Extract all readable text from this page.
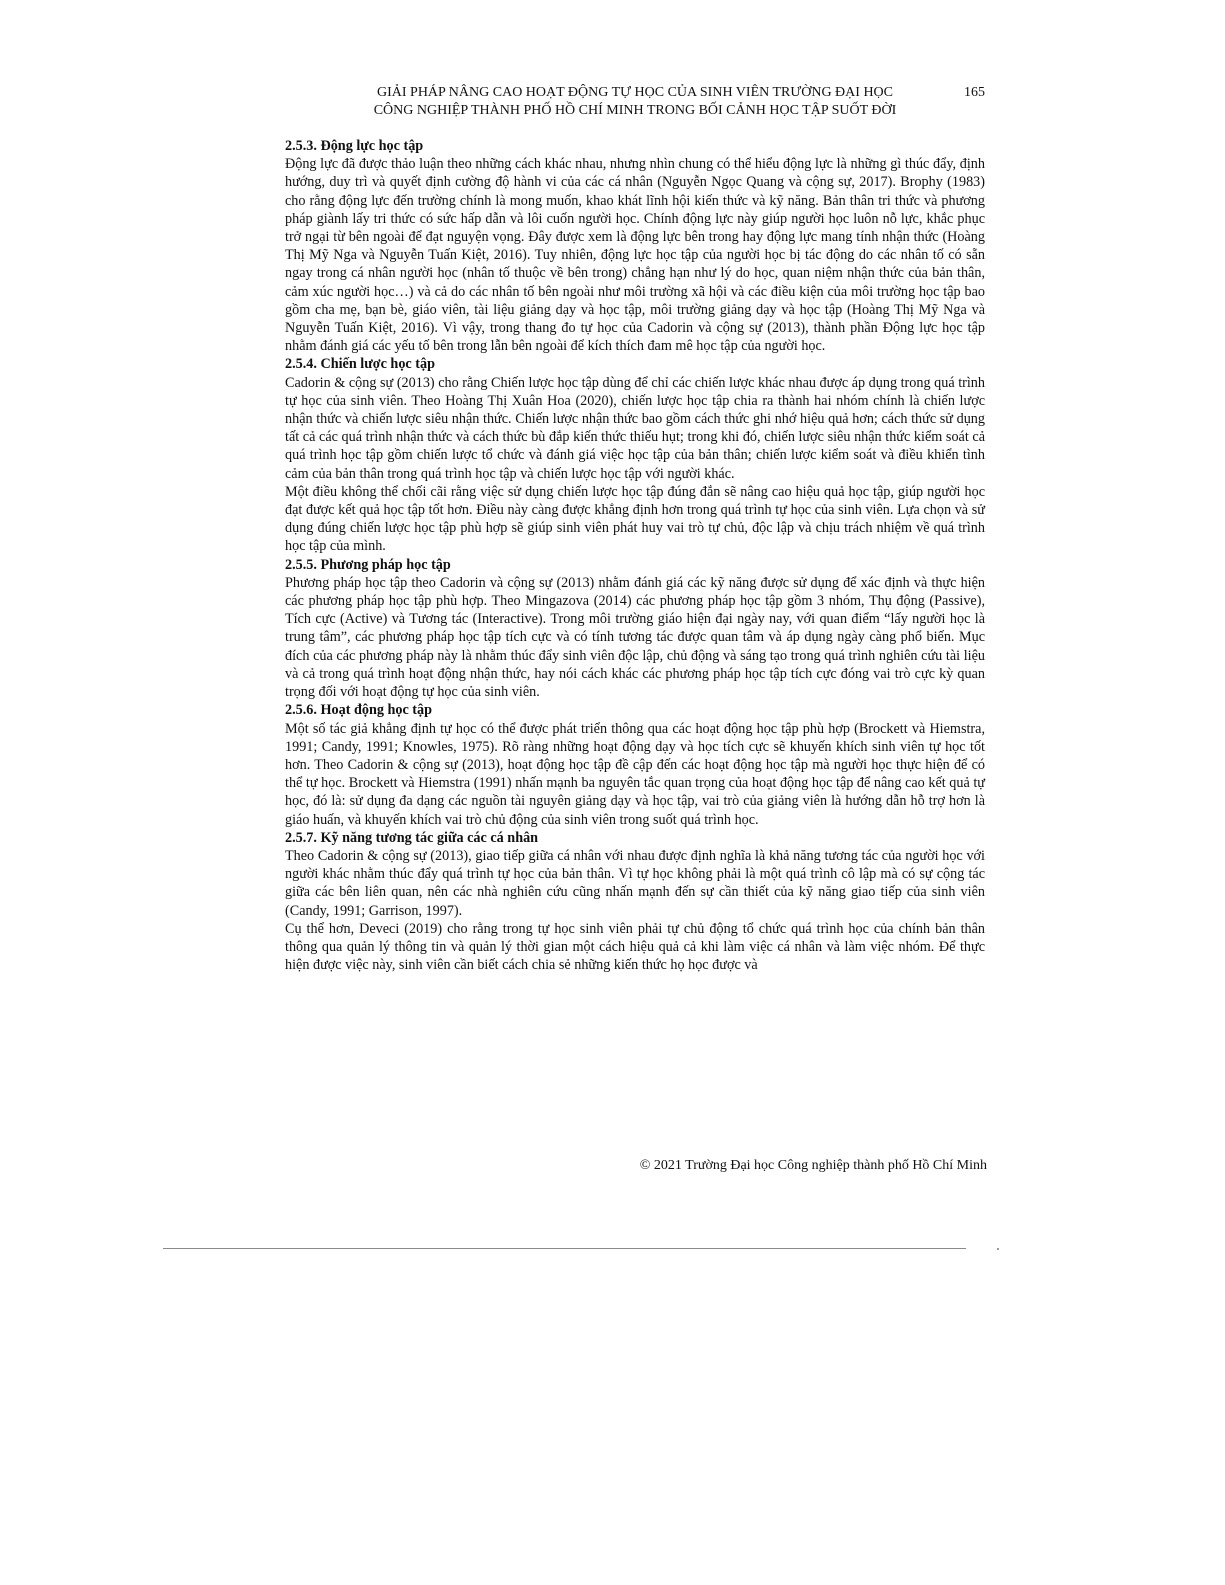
GIẢI PHÁP NÂNG CAO HOẠT ĐỘNG TỰ HỌC CỦA SINH VIÊN TRƯỜNG ĐẠI HỌC
CÔNG NGHIỆP THÀNH PHỐ HỒ CHÍ MINH TRONG BỐI CẢNH HỌC TẬP SUỐT ĐỜI
165

2.5.3. Động lực học tập

Động lực đã được thảo luận theo những cách khác nhau, nhưng nhìn chung có thể hiểu động lực là những gì thúc đẩy, định hướng, duy trì và quyết định cường độ hành vi của các cá nhân (Nguyễn Ngọc Quang và cộng sự, 2017). Brophy (1983) cho rằng động lực đến trường chính là mong muốn, khao khát lĩnh hội kiến thức và kỹ năng. Bản thân tri thức và phương pháp giành lấy tri thức có sức hấp dẫn và lôi cuốn người học. Chính động lực này giúp người học luôn nỗ lực, khắc phục trở ngại từ bên ngoài để đạt nguyện vọng. Đây được xem là động lực bên trong hay động lực mang tính nhận thức (Hoàng Thị Mỹ Nga và Nguyễn Tuấn Kiệt, 2016). Tuy nhiên, động lực học tập của người học bị tác động do các nhân tố có sẵn ngay trong cá nhân người học (nhân tố thuộc về bên trong) chẳng hạn như lý do học, quan niệm nhận thức của bản thân, cảm xúc người học…) và cả do các nhân tố bên ngoài như môi trường xã hội và các điều kiện của môi trường học tập bao gồm cha mẹ, bạn bè, giáo viên, tài liệu giảng dạy và học tập, môi trường giảng dạy và học tập (Hoàng Thị Mỹ Nga và Nguyễn Tuấn Kiệt, 2016). Vì vậy, trong thang đo tự học của Cadorin và cộng sự (2013), thành phần Động lực học tập nhằm đánh giá các yếu tố bên trong lẫn bên ngoài để kích thích đam mê học tập của người học.

2.5.4. Chiến lược học tập

Cadorin & cộng sự (2013) cho rằng Chiến lược học tập dùng để chỉ các chiến lược khác nhau được áp dụng trong quá trình tự học của sinh viên. Theo Hoàng Thị Xuân Hoa (2020), chiến lược học tập chia ra thành hai nhóm chính là chiến lược nhận thức và chiến lược siêu nhận thức. Chiến lược nhận thức bao gồm cách thức ghi nhớ hiệu quả hơn; cách thức sử dụng tất cả các quá trình nhận thức và cách thức bù đắp kiến thức thiếu hụt; trong khi đó, chiến lược siêu nhận thức kiểm soát cả quá trình học tập gồm chiến lược tổ chức và đánh giá việc học tập của bản thân; chiến lược kiểm soát và điều khiển tình cảm của bản thân trong quá trình học tập và chiến lược học tập với người khác.

Một điều không thể chối cãi rằng việc sử dụng chiến lược học tập đúng đắn sẽ nâng cao hiệu quả học tập, giúp người học đạt được kết quả học tập tốt hơn. Điều này càng được khẳng định hơn trong quá trình tự học của sinh viên. Lựa chọn và sử dụng đúng chiến lược học tập phù hợp sẽ giúp sinh viên phát huy vai trò tự chủ, độc lập và chịu trách nhiệm về quá trình học tập của mình.

2.5.5. Phương pháp học tập

Phương pháp học tập theo Cadorin và cộng sự (2013) nhằm đánh giá các kỹ năng được sử dụng để xác định và thực hiện các phương pháp học tập phù hợp. Theo Mingazova (2014) các phương pháp học tập gồm 3 nhóm, Thụ động (Passive), Tích cực (Active) và Tương tác (Interactive). Trong môi trường giáo hiện đại ngày nay, với quan điểm “lấy người học là trung tâm”, các phương pháp học tập tích cực và có tính tương tác được quan tâm và áp dụng ngày càng phổ biến. Mục đích của các phương pháp này là nhằm thúc đẩy sinh viên độc lập, chủ động và sáng tạo trong quá trình nghiên cứu tài liệu và cả trong quá trình hoạt động nhận thức, hay nói cách khác các phương pháp học tập tích cực đóng vai trò cực kỳ quan trọng đối với hoạt động tự học của sinh viên.

2.5.6. Hoạt động học tập

Một số tác giả khẳng định tự học có thể được phát triển thông qua các hoạt động học tập phù hợp (Brockett và Hiemstra, 1991; Candy, 1991; Knowles, 1975). Rõ ràng những hoạt động dạy và học tích cực sẽ khuyến khích sinh viên tự học tốt hơn. Theo Cadorin & cộng sự (2013), hoạt động học tập đề cập đến các hoạt động học tập mà người học thực hiện để có thể tự học. Brockett và Hiemstra (1991) nhấn mạnh ba nguyên tắc quan trọng của hoạt động học tập để nâng cao kết quả tự học, đó là: sử dụng đa dạng các nguồn tài nguyên giảng dạy và học tập, vai trò của giảng viên là hướng dẫn hỗ trợ hơn là giáo huấn, và khuyến khích vai trò chủ động của sinh viên trong suốt quá trình học.

2.5.7. Kỹ năng tương tác giữa các cá nhân

Theo Cadorin & cộng sự (2013), giao tiếp giữa cá nhân với nhau được định nghĩa là khả năng tương tác của người học với người khác nhằm thúc đẩy quá trình tự học của bản thân. Vì tự học không phải là một quá trình cô lập mà có sự cộng tác giữa các bên liên quan, nên các nhà nghiên cứu cũng nhấn mạnh đến sự cần thiết của kỹ năng giao tiếp của sinh viên (Candy, 1991; Garrison, 1997).

Cụ thể hơn, Deveci (2019) cho rằng trong tự học sinh viên phải tự chủ động tổ chức quá trình học của chính bản thân thông qua quản lý thông tin và quản lý thời gian một cách hiệu quả cả khi làm việc cá nhân và làm việc nhóm. Để thực hiện được việc này, sinh viên cần biết cách chia sẻ những kiến thức họ học được và

© 2021 Trường Đại học Công nghiệp thành phố Hồ Chí Minh
